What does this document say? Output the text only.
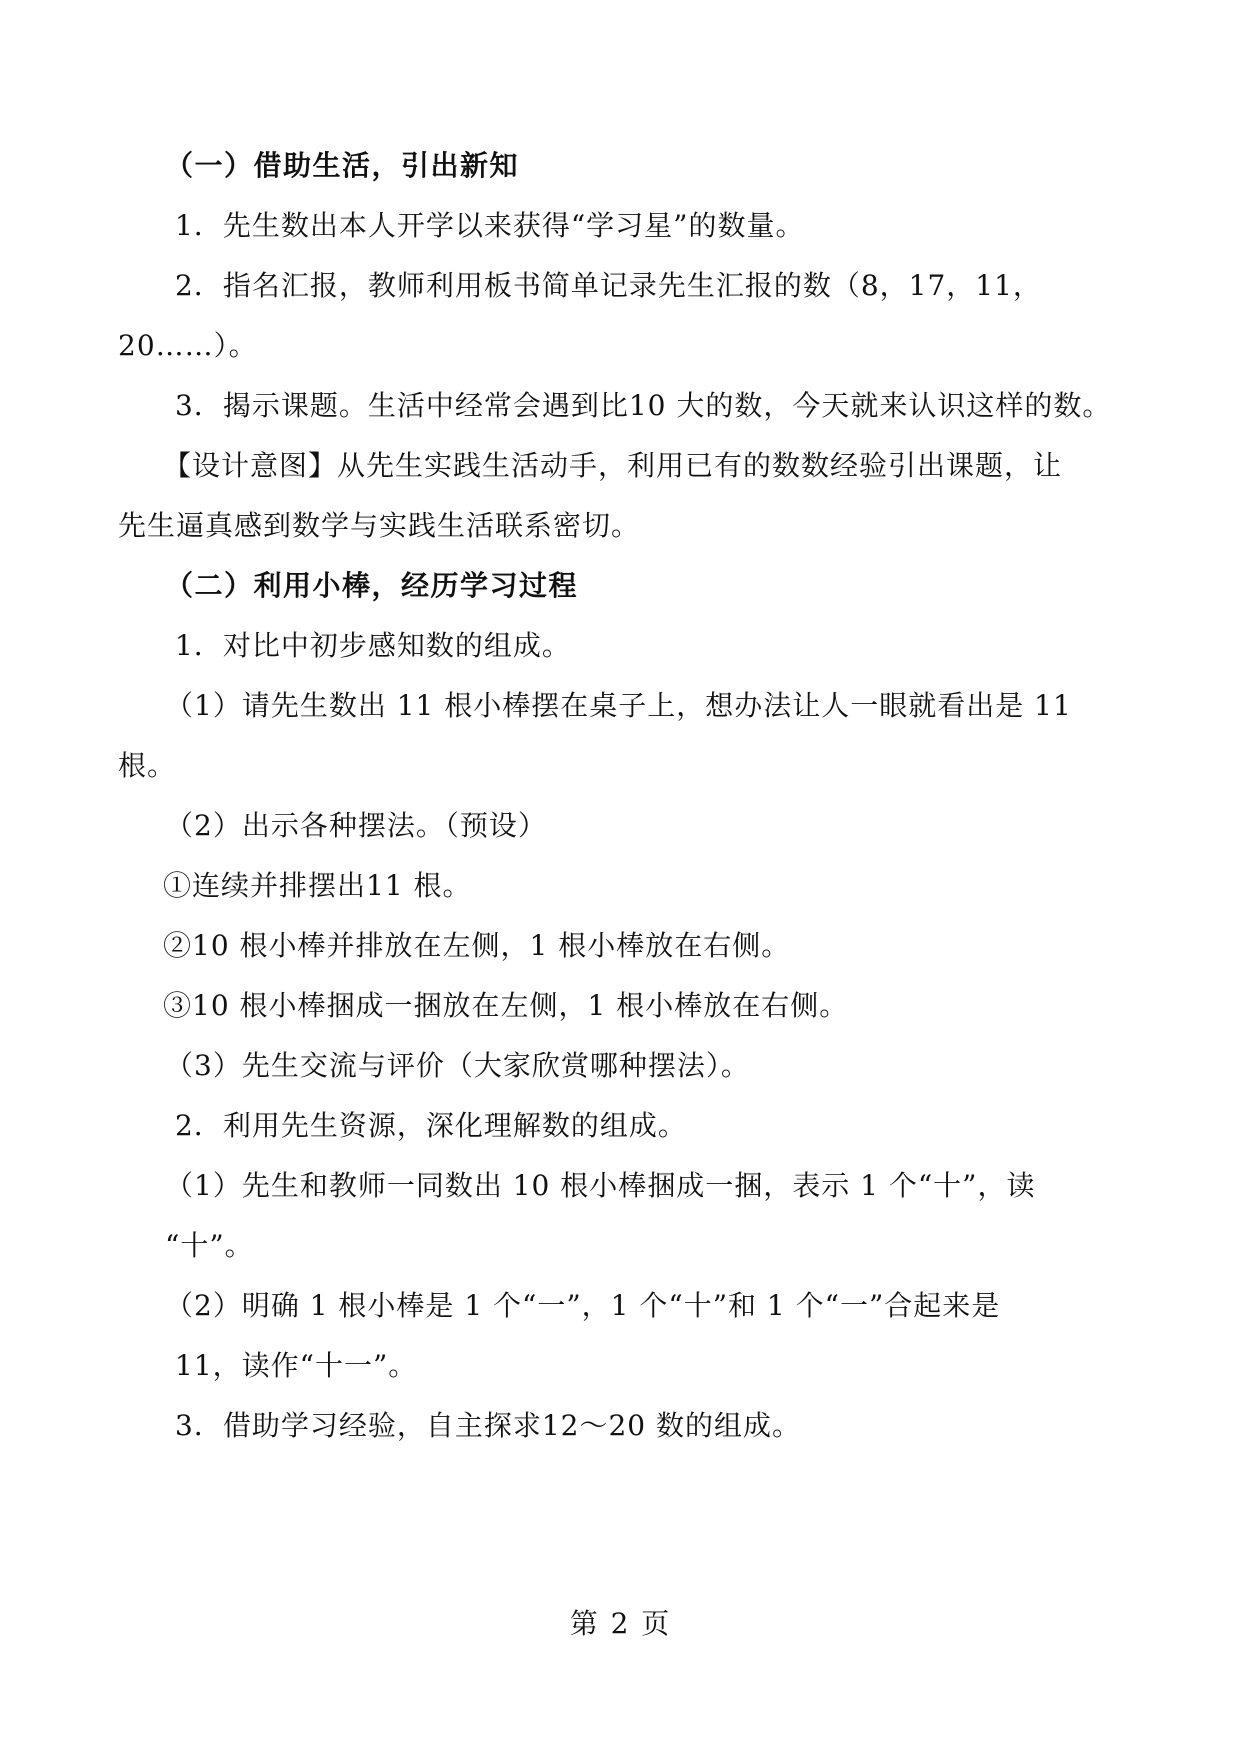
（一）借助生活，引出新知

1．先生数出本人开学以来获得“学习星”的数量。

2．指名汇报，教师利用板书简单记录先生汇报的数（8，17，11，

20……）。

3．揭示课题。生活中经常会遇到比10 大的数，今天就来认识这样的数。

【设计意图】从先生实践生活动手，利用已有的数数经验引出课题，让

先生逼真感到数学与实践生活联系密切。

（二）利用小棒，经历学习过程

1．对比中初步感知数的组成。

（1）请先生数出 11 根小棒摆在桌子上，想办法让人一眼就看出是 11

根。

（2）出示各种摆法。（预设）

①连续并排摆出11 根。

②10 根小棒并排放在左侧，1 根小棒放在右侧。

③10 根小棒捆成一捆放在左侧，1 根小棒放在右侧。

（3）先生交流与评价（大家欣赏哪种摆法）。

2．利用先生资源，深化理解数的组成。

（1）先生和教师一同数出 10 根小棒捆成一捆，表示 1 个“十”，读

“十”。

（2）明确 1 根小棒是 1 个“一”，1 个“十”和 1 个“一”合起来是

11，读作“十一”。

3．借助学习经验，自主探求12～20 数的组成。

第 2 页
